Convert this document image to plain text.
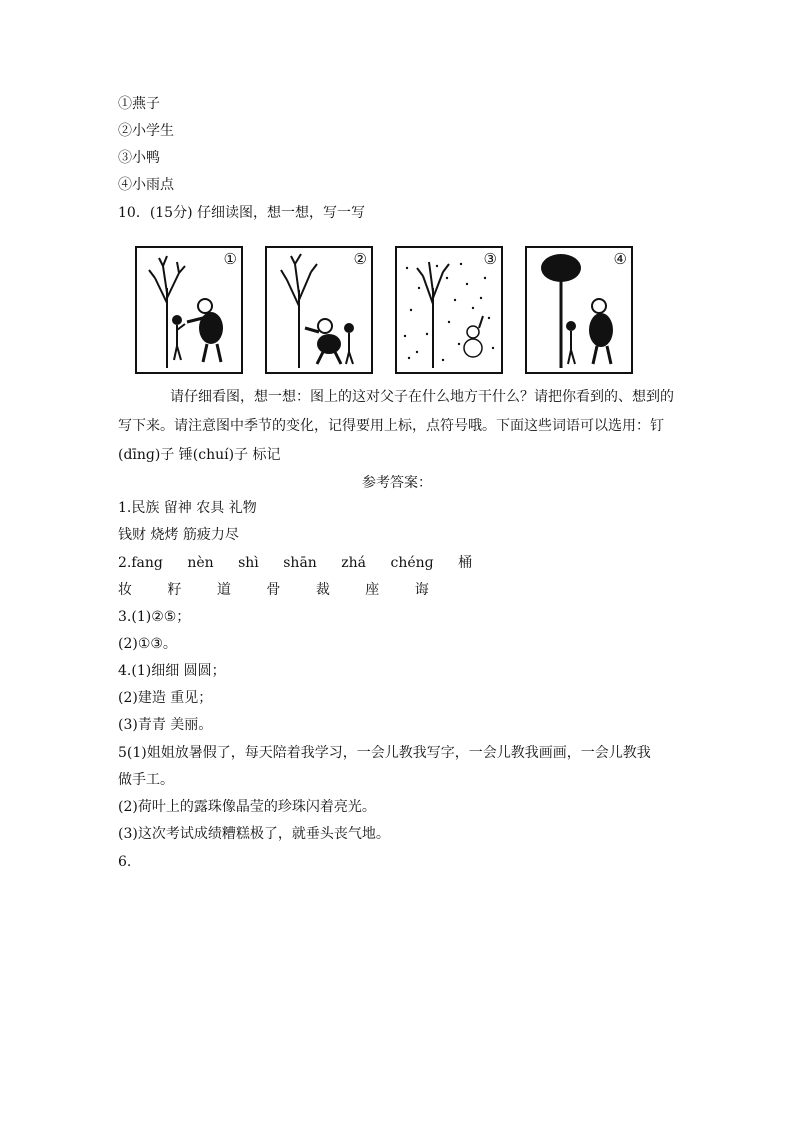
①燕子
②小学生
③小鸭
④小雨点
10．(15分) 仔细读图，想一想，写一写
①	②	③	④
请仔细看图，想一想：图上的这对父子在什么地方干什么？请把你看到的、想到的
写下来。请注意图中季节的变化，记得要用上标，点符号哦。下面这些词语可以选用：钉
(dīnɡ)子 锤(chuí)子 标记
参考答案：
1.民族 留神 农具 礼物
钱财 烧烤 筋疲力尽
2.fang nèn shì shān zhá chénɡ 桶
妆	籽	道	骨	裁	座	诲
3.(1)②⑤；
(2)①③。
4.(1)细细 圆圆；
(2)建造 重见；
(3)青青 美丽。
5(1)姐姐放暑假了，每天陪着我学习，一会儿教我写字，一会儿教我画画，一会儿教我
做手工。
(2)荷叶上的露珠像晶莹的珍珠闪着亮光。
(3)这次考试成绩糟糕极了，就垂头丧气地。
6.
